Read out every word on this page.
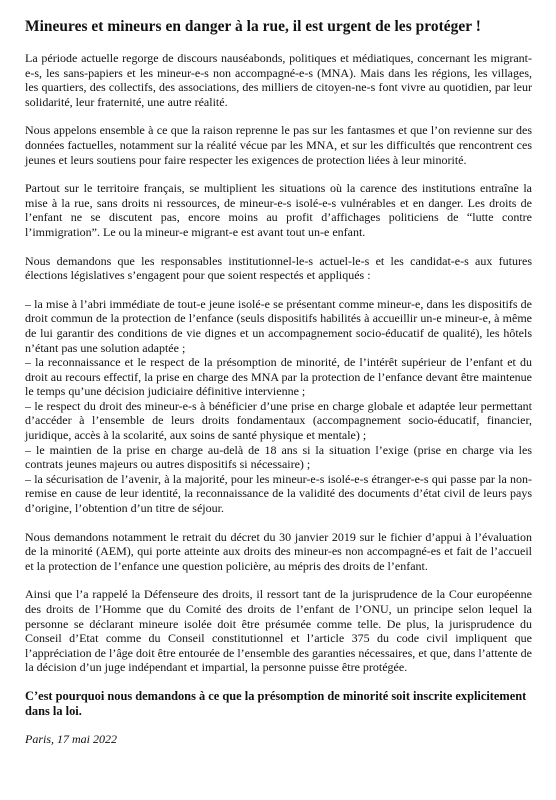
Mineures et mineurs en danger à la rue, il est urgent de les protéger !

La période actuelle regorge de discours nauséabonds, politiques et médiatiques, concernant les migrant-e-s, les sans-papiers et les mineur-e-s non accompagné-e-s (MNA). Mais dans les régions, les villages, les quartiers, des collectifs, des associations, des milliers de citoyen-ne-s font vivre au quotidien, par leur solidarité, leur fraternité, une autre réalité.

Nous appelons ensemble à ce que la raison reprenne le pas sur les fantasmes et que l’on revienne sur des données factuelles, notamment sur la réalité vécue par les MNA, et sur les difficultés que rencontrent ces jeunes et leurs soutiens pour faire respecter les exigences de protection liées à leur minorité.

Partout sur le territoire français, se multiplient les situations où la carence des institutions entraîne la mise à la rue, sans droits ni ressources, de mineur-e-s isolé-e-s vulnérables et en danger. Les droits de l’enfant ne se discutent pas, encore moins au profit d’affichages politiciens de “lutte contre l’immigration”. Le ou la mineur-e migrant-e est avant tout un-e enfant.

Nous demandons que les responsables institutionnel-le-s actuel-le-s et les candidat-e-s aux futures élections législatives s’engagent pour que soient respectés et appliqués :

– la mise à l’abri immédiate de tout-e jeune isolé-e se présentant comme mineur-e, dans les dispositifs de droit commun de la protection de l’enfance (seuls dispositifs habilités à accueillir un-e mineur-e, à même de lui garantir des conditions de vie dignes et un accompagnement socio-éducatif de qualité), les hôtels n’étant pas une solution adaptée ;

– la reconnaissance et le respect de la présomption de minorité, de l’intérêt supérieur de l’enfant et du droit au recours effectif, la prise en charge des MNA par la protection de l’enfance devant être maintenue le temps qu’une décision judiciaire définitive intervienne ;

– le respect du droit des mineur-e-s à bénéficier d’une prise en charge globale et adaptée leur permettant d’accéder à l’ensemble de leurs droits fondamentaux (accompagnement socio-éducatif, financier, juridique, accès à la scolarité, aux soins de santé physique et mentale) ;

– le maintien de la prise en charge au-delà de 18 ans si la situation l’exige (prise en charge via les contrats jeunes majeurs ou autres dispositifs si nécessaire) ;

– la sécurisation de l’avenir, à la majorité, pour les mineur-e-s isolé-e-s étranger-e-s qui passe par la non-remise en cause de leur identité, la reconnaissance de la validité des documents d’état civil de leurs pays d’origine, l’obtention d’un titre de séjour.

Nous demandons notamment le retrait du décret du 30 janvier 2019 sur le fichier d’appui à l’évaluation de la minorité (AEM), qui porte atteinte aux droits des mineur-es non accompagné-es et fait de l’accueil et la protection de l’enfance une question policière, au mépris des droits de l’enfant.

Ainsi que l’a rappelé la Défenseure des droits, il ressort tant de la jurisprudence de la Cour européenne des droits de l’Homme que du Comité des droits de l’enfant de l’ONU, un principe selon lequel la personne se déclarant mineure isolée doit être présumée comme telle. De plus, la jurisprudence du Conseil d’Etat comme du Conseil constitutionnel et l’article 375 du code civil impliquent que l’appréciation de l’âge doit être entourée de l’ensemble des garanties nécessaires, et que, dans l’attente de la décision d’un juge indépendant et impartial, la personne puisse être protégée.

C’est pourquoi nous demandons à ce que la présomption de minorité soit inscrite explicitement dans la loi.

Paris, 17 mai 2022
